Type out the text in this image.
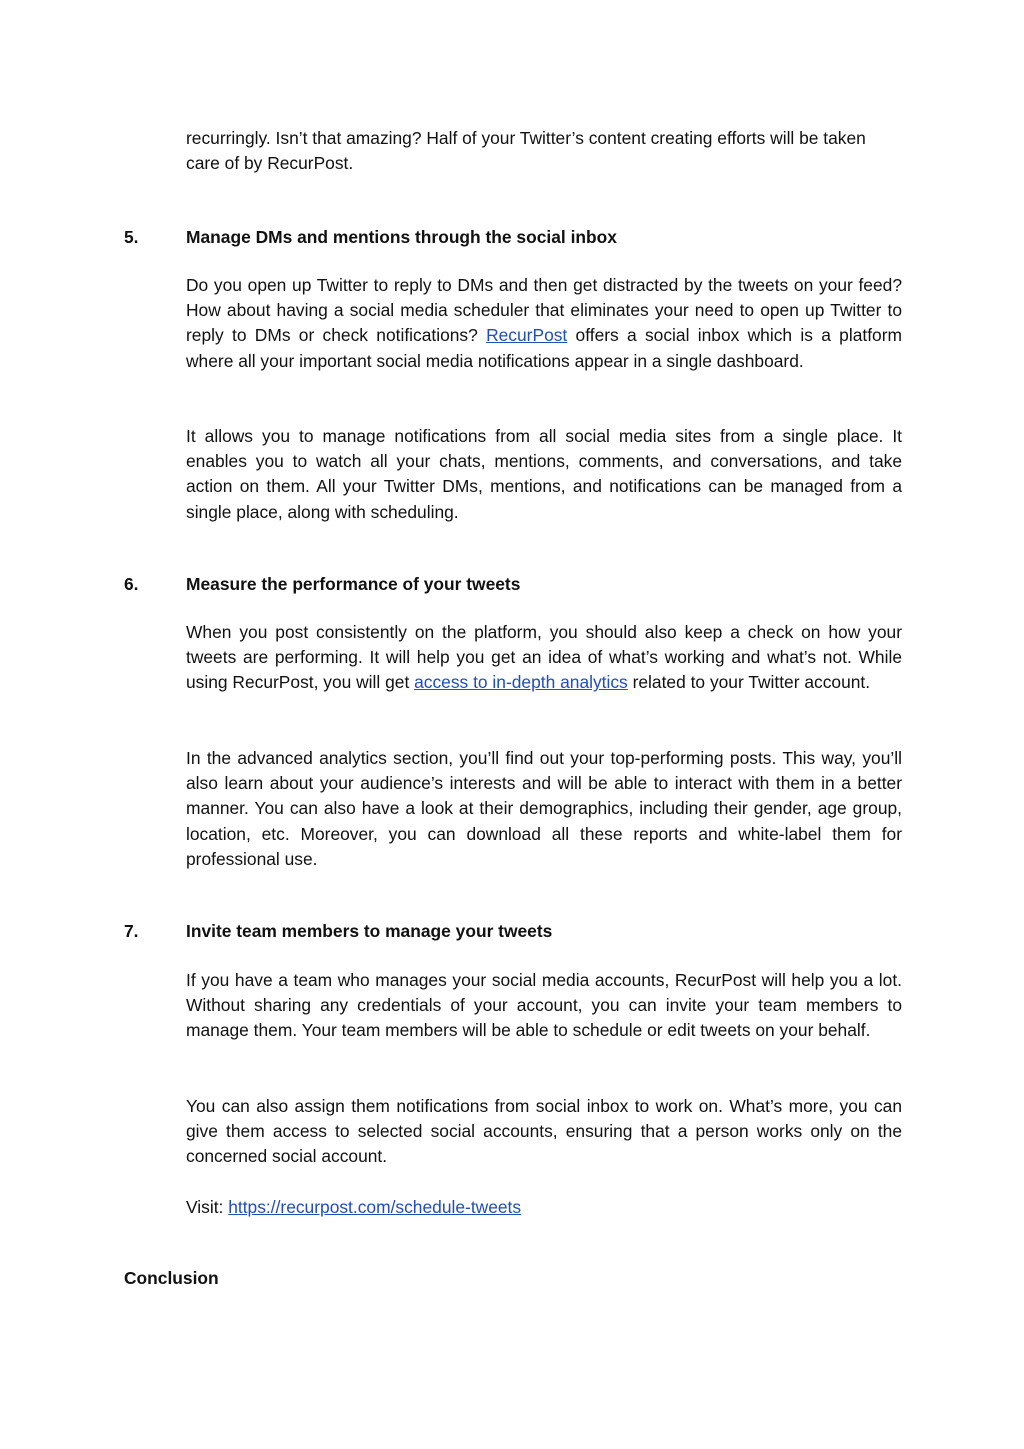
recurringly. Isn’t that amazing? Half of your Twitter’s content creating efforts will be taken care of by RecurPost.

5.	Manage DMs and mentions through the social inbox

Do you open up Twitter to reply to DMs and then get distracted by the tweets on your feed? How about having a social media scheduler that eliminates your need to open up Twitter to reply to DMs or check notifications? RecurPost offers a social inbox which is a platform where all your important social media notifications appear in a single dashboard.

It allows you to manage notifications from all social media sites from a single place. It enables you to watch all your chats, mentions, comments, and conversations, and take action on them. All your Twitter DMs, mentions, and notifications can be managed from a single place, along with scheduling.

6.	Measure the performance of your tweets

When you post consistently on the platform, you should also keep a check on how your tweets are performing. It will help you get an idea of what’s working and what’s not. While using RecurPost, you will get access to in-depth analytics related to your Twitter account.

In the advanced analytics section, you’ll find out your top-performing posts. This way, you’ll also learn about your audience’s interests and will be able to interact with them in a better manner. You can also have a look at their demographics, including their gender, age group, location, etc. Moreover, you can download all these reports and white-label them for professional use.

7.	Invite team members to manage your tweets

If you have a team who manages your social media accounts, RecurPost will help you a lot. Without sharing any credentials of your account, you can invite your team members to manage them. Your team members will be able to schedule or edit tweets on your behalf.

You can also assign them notifications from social inbox to work on. What’s more, you can give them access to selected social accounts, ensuring that a person works only on the concerned social account.

Visit: https://recurpost.com/schedule-tweets

Conclusion
